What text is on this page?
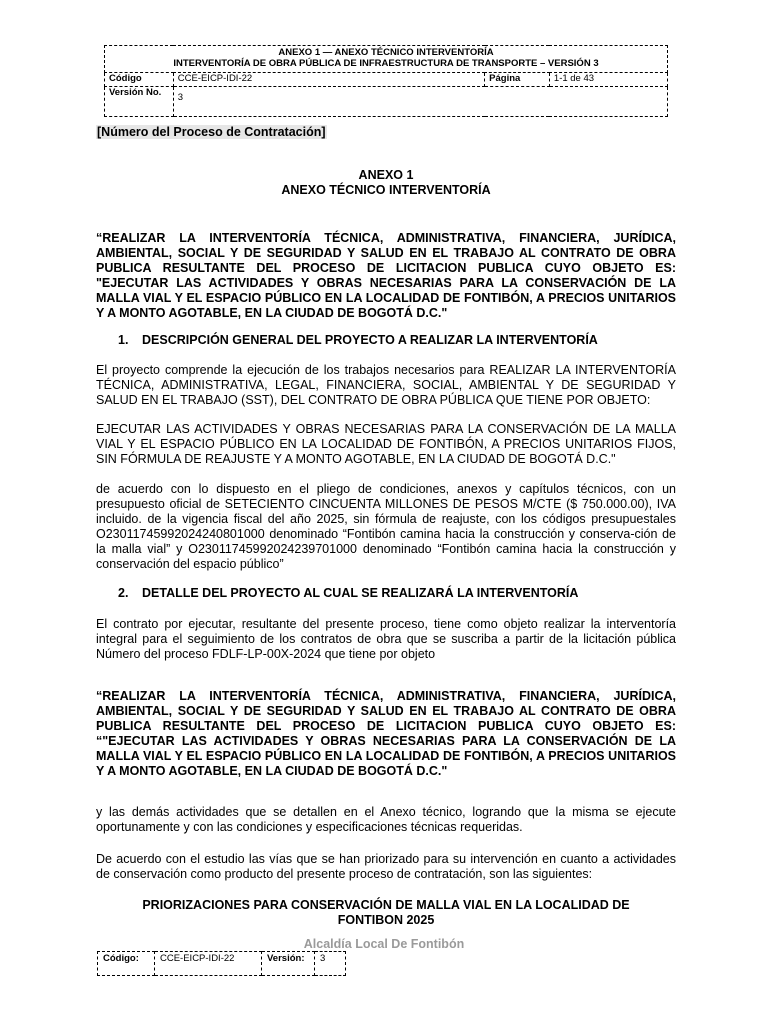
ANEXO 1 — ANEXO TÉCNICO INTERVENTORÍA
INTERVENTORÍA DE OBRA PÚBLICA DE INFRAESTRUCTURA DE TRANSPORTE – VERSIÓN 3			

Código	CCE-EICP-IDI-22	Página	1-1 de 43
Versión No.	3		
[Número del Proceso de Contratación]
ANEXO 1
ANEXO TÉCNICO INTERVENTORÍA
“REALIZAR LA INTERVENTORÍA TÉCNICA, ADMINISTRATIVA, FINANCIERA, JURÍDICA, AMBIENTAL, SOCIAL Y DE SEGURIDAD Y SALUD EN EL TRABAJO AL CONTRATO DE OBRA PUBLICA RESULTANTE DEL PROCESO DE LICITACION PUBLICA CUYO OBJETO ES: "EJECUTAR LAS ACTIVIDADES Y OBRAS NECESARIAS PARA LA CONSERVACIÓN DE LA MALLA VIAL Y EL ESPACIO PÚBLICO EN LA LOCALIDAD DE FONTIBÓN, A PRECIOS UNITARIOS Y A MONTO AGOTABLE, EN LA CIUDAD DE BOGOTÁ D.C."
1. DESCRIPCIÓN GENERAL DEL PROYECTO A REALIZAR LA INTERVENTORÍA
El proyecto comprende la ejecución de los trabajos necesarios para REALIZAR LA INTERVENTORÍA TÉCNICA, ADMINISTRATIVA, LEGAL, FINANCIERA, SOCIAL, AMBIENTAL Y DE SEGURIDAD Y SALUD EN EL TRABAJO (SST), DEL CONTRATO DE OBRA PÚBLICA QUE TIENE POR OBJETO:
EJECUTAR LAS ACTIVIDADES Y OBRAS NECESARIAS PARA LA CONSERVACIÓN DE LA MALLA VIAL Y EL ESPACIO PÚBLICO EN LA LOCALIDAD DE FONTIBÓN, A PRECIOS UNITARIOS FIJOS, SIN FÓRMULA DE REAJUSTE Y A MONTO AGOTABLE, EN LA CIUDAD DE BOGOTÁ D.C."
de acuerdo con lo dispuesto en el pliego de condiciones, anexos y capítulos técnicos, con un presupuesto oficial de SETECIENTO CINCUENTA MILLONES DE PESOS M/CTE ($ 750.000.00), IVA incluido. de la vigencia fiscal del año 2025, sin fórmula de reajuste, con los códigos presupuestales O23011745992024240801000 denominado “Fontibón camina hacia la construcción y conserva-ción de la malla vial” y O23011745992024239701000 denominado “Fontibón camina hacia la construcción y conservación del espacio público”
2. DETALLE DEL PROYECTO AL CUAL SE REALIZARÁ LA INTERVENTORÍA
El contrato por ejecutar, resultante del presente proceso, tiene como objeto realizar la interventoría integral para el seguimiento de los contratos de obra que se suscriba a partir de la licitación pública Número del proceso FDLF-LP-00X-2024 que tiene por objeto
“REALIZAR LA INTERVENTORÍA TÉCNICA, ADMINISTRATIVA, FINANCIERA, JURÍDICA, AMBIENTAL, SOCIAL Y DE SEGURIDAD Y SALUD EN EL TRABAJO AL CONTRATO DE OBRA PUBLICA RESULTANTE DEL PROCESO DE LICITACION PUBLICA CUYO OBJETO ES: “"EJECUTAR LAS ACTIVIDADES Y OBRAS NECESARIAS PARA LA CONSERVACIÓN DE LA MALLA VIAL Y EL ESPACIO PÚBLICO EN LA LOCALIDAD DE FONTIBÓN, A PRECIOS UNITARIOS Y A MONTO AGOTABLE, EN LA CIUDAD DE BOGOTÁ D.C."
y las demás actividades que se detallen en el Anexo técnico, logrando que la misma se ejecute oportunamente y con las condiciones y especificaciones técnicas requeridas.
De acuerdo con el estudio las vías que se han priorizado para su intervención en cuanto a actividades de conservación como producto del presente proceso de contratación, son las siguientes:
PRIORIZACIONES PARA CONSERVACIÓN DE MALLA VIAL EN LA LOCALIDAD DE
FONTIBON 2025
Alcaldía Local De Fontibón
Código:	CCE-EICP-IDI-22	Versión:	3
